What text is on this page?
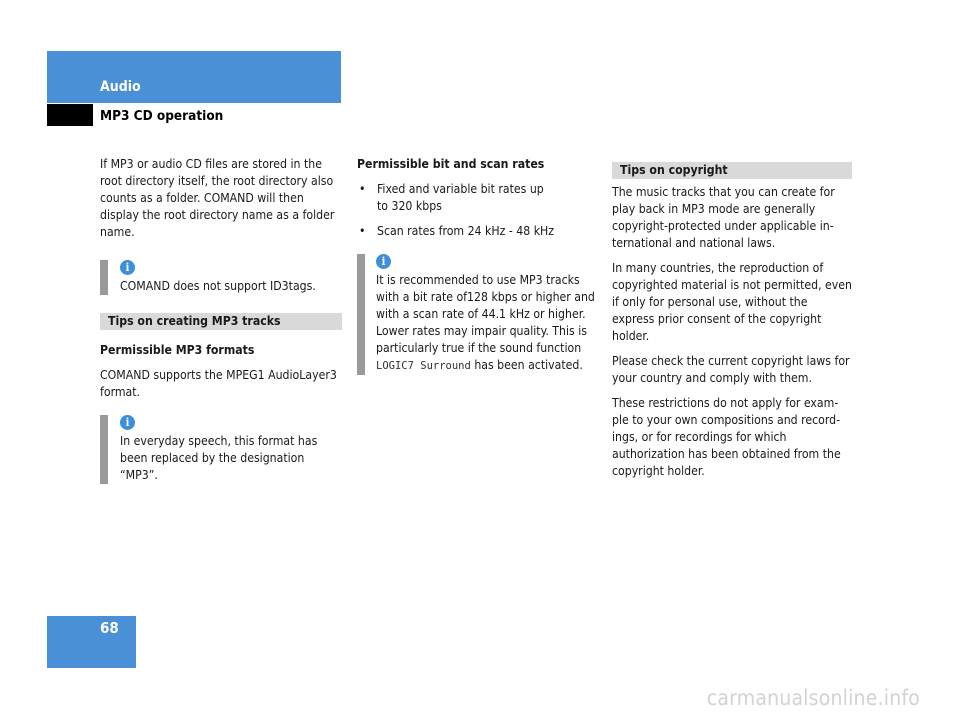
Audio
MP3 CD operation

If MP3 or audio CD files are stored in the root directory itself, the root directory also counts as a folder. COMAND will then display the root directory name as a folder name.

i
COMAND does not support ID3tags.
Tips on creating MP3 tracks

Permissible MP3 formats

COMAND supports the MPEG1 AudioLayer3 format.

i
In everyday speech, this format has been replaced by the designation “MP3”.

Permissible bit and scan rates

• Fixed and variable bit rates up to 320 kbps
• Scan rates from 24 kHz - 48 kHz
i
It is recommended to use MP3 tracks with a bit rate of128 kbps or higher and with a scan rate of 44.1 kHz or higher. Lower rates may impair quality. This is particularly true if the sound function LOGIC7 Surround has been activated.
Tips on copyright

The music tracks that you can create for play back in MP3 mode are generally copyright-protected under applicable in-ternational and national laws.

In many countries, the reproduction of copyrighted material is not permitted, even if only for personal use, without the express prior consent of the copyright holder.

Please check the current copyright laws for your country and comply with them.

These restrictions do not apply for exam-ple to your own compositions and record-ings, or for recordings for which authorization has been obtained from the copyright holder.

68
carmanualsonline.info
